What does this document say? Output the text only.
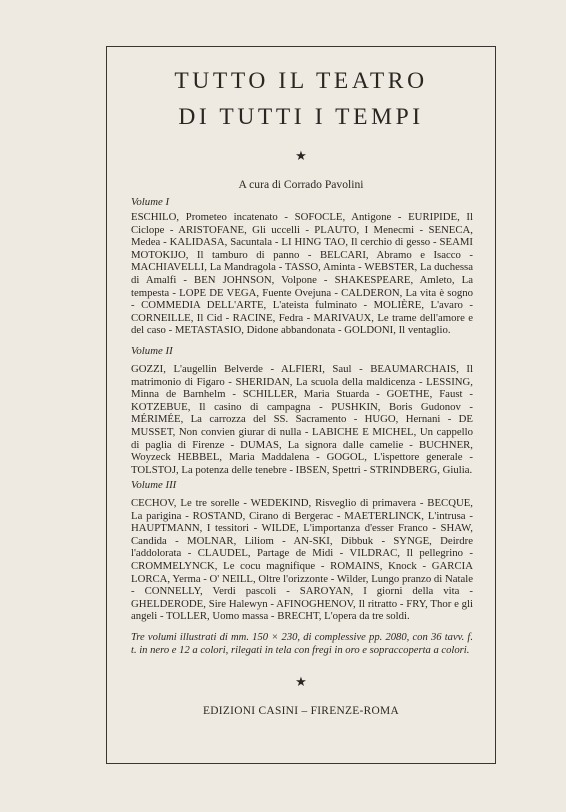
TUTTO IL TEATRO
DI TUTTI I TEMPI
★
A cura di Corrado Pavolini
Volume I

ESCHILO, Prometeo incatenato - SOFOCLE, Antigone - EURIPIDE, Il Ciclope - ARISTOFANE, Gli uccelli - PLAUTO, I Menecmi - SENECA, Medea - KALIDASA, Sacuntala - LI HING TAO, Il cerchio di gesso - SEAMI MOTOKIJO, Il tamburo di panno - BELCARI, Abramo e Isacco - MACHIAVELLI, La Mandragola - TASSO, Aminta - WEBSTER, La duchessa di Amalfi - BEN JOHNSON, Volpone - SHAKESPEARE, Amleto, La tempesta - LOPE DE VEGA, Fuente Ovejuna - CALDERON, La vita è sogno - COMMEDIA DELL'ARTE, L'ateista fulminato - MOLIÈRE, L'avaro - CORNEILLE, Il Cid - RACINE, Fedra - MARIVAUX, Le trame dell'amore e del caso - METASTASIO, Didone abbandonata - GOLDONI, Il ventaglio.

Volume II

GOZZI, L'augellin Belverde - ALFIERI, Saul - BEAUMARCHAIS, Il matrimonio di Figaro - SHERIDAN, La scuola della maldicenza - LESSING, Minna de Barnhelm - SCHILLER, Maria Stuarda - GOETHE, Faust - KOTZEBUE, Il casino di campagna - PUSHKIN, Boris Gudonov - MÉRIMÉE, La carrozza del SS. Sacramento - HUGO, Hernani - DE MUSSET, Non convien giurar di nulla - LABICHE E MICHEL, Un cappello di paglia di Firenze - DUMAS, La signora dalle camelie - BUCHNER, Woyzeck HEBBEL, Maria Maddalena - GOGOL, L'ispettore generale - TOLSTOJ, La potenza delle tenebre - IBSEN, Spettri - STRINDBERG, Giulia.

Volume III

CECHOV, Le tre sorelle - WEDEKIND, Risveglio di primavera - BECQUE, La parigina - ROSTAND, Cirano di Bergerac - MAETERLINCK, L'intrusa - HAUPTMANN, I tessitori - WILDE, L'importanza d'esser Franco - SHAW, Candida - MOLNAR, Liliom - AN-SKI, Dibbuk - SYNGE, Deirdre l'addolorata - CLAUDEL, Partage de Midi - VILDRAC, Il pellegrino - CROMMELYNCK, Le cocu magnifique - ROMAINS, Knock - GARCIA LORCA, Yerma - O' NEILL, Oltre l'orizzonte - Wilder, Lungo pranzo di Natale - CONNELLY, Verdi pascoli - SAROYAN, I giorni della vita - GHELDERODE, Sire Halewyn - AFINOGHENOV, Il ritratto - FRY, Thor e gli angeli - TOLLER, Uomo massa - BRECHT, L'opera da tre soldi.

Tre volumi illustrati di mm. 150 × 230, di complessive pp. 2080, con 36 tavv. f. t. in nero e 12 a colori, rilegati in tela con fregi in oro e sopraccoperta a colori.
★
EDIZIONI CASINI – FIRENZE-ROMA
